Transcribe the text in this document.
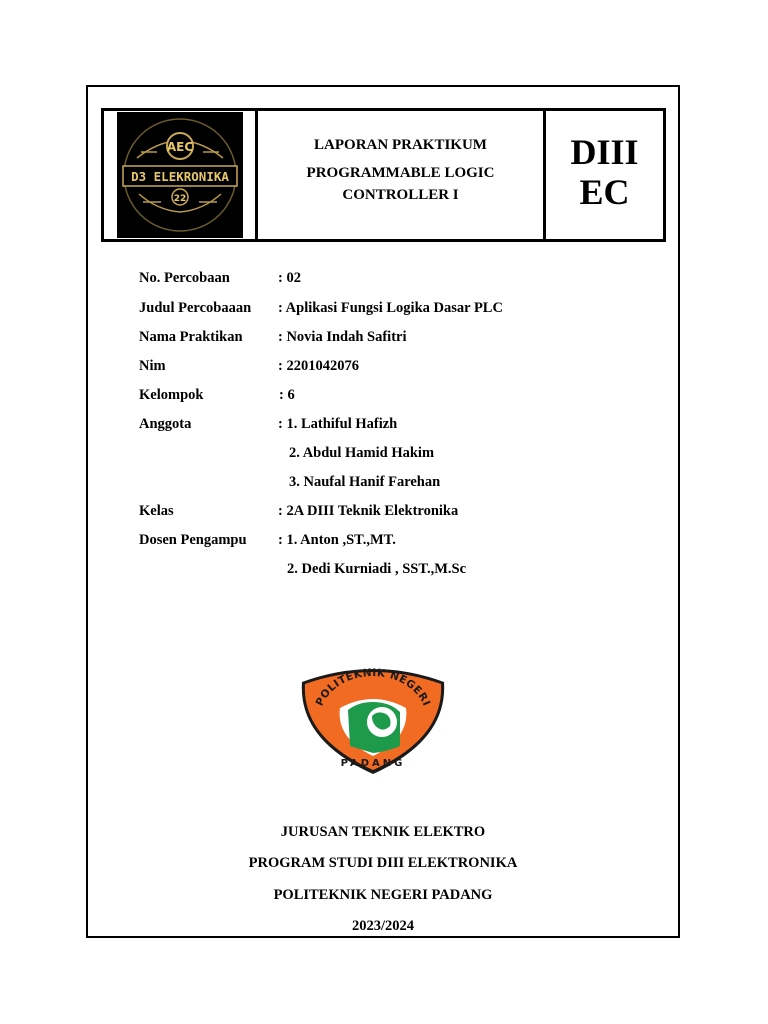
AEC
D3 ELEKRONIKA
22
LAPORAN PRAKTIKUM
PROGRAMMABLE LOGIC CONTROLLER I
DIII
EC
No. Percobaan	: 02
Judul Percobaaan : Aplikasi Fungsi Logika Dasar PLC
Nama Praktikan : Novia Indah Safitri
Nim	: 2201042076
Kelompok	: 6
Anggota	: 1. Lathiful Hafizh
2. Abdul Hamid Hakim
3. Naufal Hanif Farehan
Kelas	: 2A DIII Teknik Elektronika
Dosen Pengampu : 1. Anton ,ST.,MT.
2. Dedi Kurniadi , SST.,M.Sc
POLITEKNIK NEGERI
PADANG
JURUSAN TEKNIK ELEKTRO
PROGRAM STUDI DIII ELEKTRONIKA
POLITEKNIK NEGERI PADANG
2023/2024
